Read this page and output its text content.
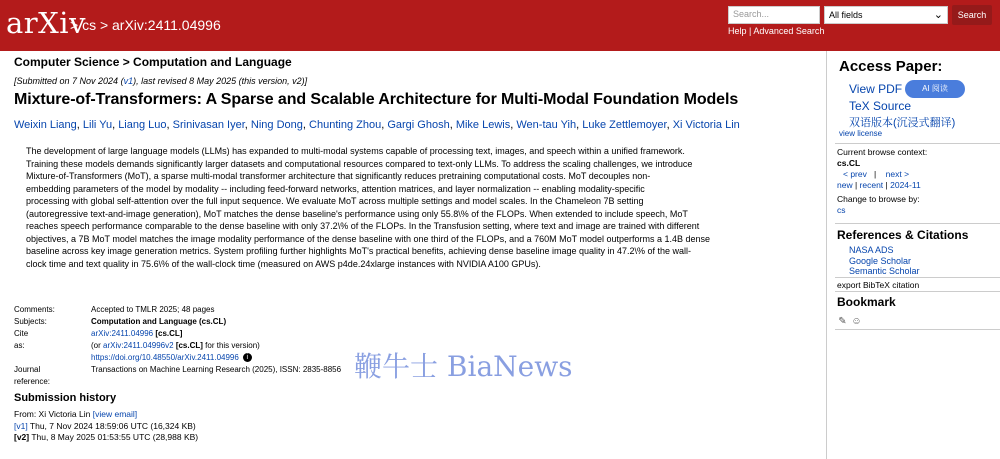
arXiv
> cs > arXiv:2411.04996
Search...	All fields	⌄	Search
Help | Advanced Search
Computer Science > Computation and Language
[Submitted on 7 Nov 2024 (v1), last revised 8 May 2025 (this version, v2)]
Mixture-of-Transformers: A Sparse and Scalable Architecture for Multi-Modal Foundation Models
Weixin Liang, Lili Yu, Liang Luo, Srinivasan Iyer, Ning Dong, Chunting Zhou, Gargi Ghosh, Mike Lewis, Wen-tau Yih, Luke Zettlemoyer, Xi Victoria Lin
The development of large language models (LLMs) has expanded to multi-modal systems capable of processing text, images, and speech within a unified framework.
Training these models demands significantly larger datasets and computational resources compared to text-only LLMs. To address the scaling challenges, we introduce
Mixture-of-Transformers (MoT), a sparse multi-modal transformer architecture that significantly reduces pretraining computational costs. MoT decouples non-
embedding parameters of the model by modality -- including feed-forward networks, attention matrices, and layer normalization -- enabling modality-specific
processing with global self-attention over the full input sequence. We evaluate MoT across multiple settings and model scales. In the Chameleon 7B setting
(autoregressive text-and-image generation), MoT matches the dense baseline's performance using only 55.8\% of the FLOPs. When extended to include speech, MoT
reaches speech performance comparable to the dense baseline with only 37.2\% of the FLOPs. In the Transfusion setting, where text and image are trained with different
objectives, a 7B MoT model matches the image modality performance of the dense baseline with one third of the FLOPs, and a 760M MoT model outperforms a 1.4B dense
baseline across key image generation metrics. System profiling further highlights MoT's practical benefits, achieving dense baseline image quality in 47.2\% of the wall-
clock time and text quality in 75.6\% of the wall-clock time (measured on AWS p4de.24xlarge instances with NVIDIA A100 GPUs).
Comments:	Accepted to TMLR 2025; 48 pages
Subjects:	Computation and Language (cs.CL)
Cite as:
arXiv:2411.04996 [cs.CL]
(or arXiv:2411.04996v2 [cs.CL] for this version)
https://doi.org/10.48550/arXiv.2411.04996 i
Journal reference:
Transactions on Machine Learning Research (2025), ISSN: 2835-8856
Submission history
From: Xi Victoria Lin [view email]
[v1] Thu, 7 Nov 2024 18:59:06 UTC (16,324 KB)
[v2] Thu, 8 May 2025 01:53:55 UTC (28,988 KB)
鞭牛士 BiaNews
Access Paper:
View PDF	AI 阅读
TeX Source
双语版本(沉浸式翻译)
view license
Current browse context:
cs.CL
< prev   |    next >
new | recent | 2024-11
Change to browse by:
cs
References & Citations
NASA ADS
Google Scholar
Semantic Scholar
export BibTeX citation
Bookmark
✎ ☺
